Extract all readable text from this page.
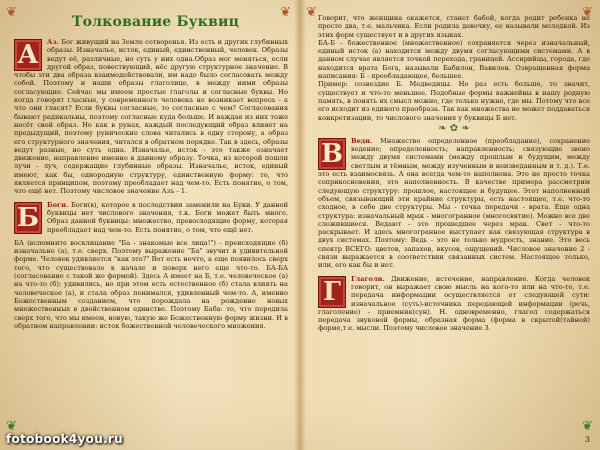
❦	❦ ❦	❦
❦	❦
Толкование Буквиц
А	Аз. Бог живущий на Земле сотворенья. Из есть и других глубинных образы. Изначалье, исток, единый, единственный, человек. Образы ведут её, различные, но суть у них одна.Образ мог меняться, если другой образ, повествующий, нёс другую структурное значение. В чтобы эти два образа взаимодействовали, им надо было согласовать между собой. Поэтому и наши образы глаголице, в между ними образы согласующие. Сейчас мы имеем простые глаголы и согласные буквы. Но когда говорят гласные, у современного человека не возникает вопроса - а что они гласят? Если буквы согласные, то согласные с чем? Согласования бывают радикальны, поэтому согласные куда больше. И важдая из них тоже несёт свой образ. Но как в рунах, каждый последующий образ влияет на предыдущий, поэтому рунические слова читались в одну сторону, а образ его структурного значения, читался в обратном порядке. Так в здесь, образы ведут разные, но суть одна. Изначалье, исток - это также означает движение, направление именно в данному образу. Точка, из которой пошли лучи - луч, содержащие глубинные образы. Изначалье, исток, единый имеют, как бы, однородную структуру, единственную форму: то, что является принципом, поэтому преобладает над чем-то. Есть понятие, о том, что ещё нет. Поэтому числовое значение Азъ - 1.

Б	Боги. Боги(в), которое в последствии заменили на Буки. У данной буквицы нет числового значения, т.к. Боги может быть много. Образ данной буквицы: множество, превосходящие форму, которая преобладает над чем-то. Есть понятие, о том, что ещё нет.

БА (вспомните восклицание "Ба - знакомые все лица!") - преисходящие (б) изначально (а), т.е. сверх. Поэтому выражение "Ба" звучит в удивительной форме. Человек удивляется "как это?" Вот есть нечто, а еще появилось сверх того, что существовало в начале и поверх него еще что-то. БА-БА (согласование с такой же формой). Здесь А имеет на Б, т.е. человеческое (а) на что-то (б); удивились, но при этом есть естественное (б) стала влиять на человеческое (а), и стала образ понимался, удивленный чем-то. А, именно Божественным созданием, что порождала на рождение новых множественных в двойственном единстве. Поэтому Баба: то, что породила сверх того, что мы имеем, новую, такую же Божественную форму жизни. И в обратном направлении: исток божественной человеческого множения.

Говорит, что женщина окажется, станет бабой, когда родит ребенка не просто два, т.е. мальчика. Если родила девочку, ее называли молодкой. Из этих форм существует и в других языках.

БА-Б - божественное (множественное) сохраняется через изначальный, единый исток (а) находится между двумя согласующими системами. А в данном случае является точкой перехода, границей. Ассирийцы, города, где находится врата Бога, называли Бабилон, Вавилон. Озвращенная форма написания: Б - преобладающее, большее.

Пример: созвездие Б. Медведицы. Но раз есть больше, то значит, существует и что-то меньшее. Подобные формы важнейны в нашу родную память, в понять их смысл можно, где только нужно, где мы. Потому что все его исходит из единого праобраза. Так как множества не может поддаваться конкретизации, то числового значения у буквицы Б нет.

❧ ✿ ❧
В	Веди. Множество определенное (преобладание), сохранение ведение; определенность; направленность; связующие звено между двумя системами (между прошлым и будущим, между светлым и тёмным, между изученным и неизведанным и т. д.). Т.е. это есть взаимосвязь. А она всегда чем-то наполнена. Это не просто точка соприкосновения, это наполненность. В качестве примера рассмотрим следующую структуру: прошлое, настоящее и будущее. Этот наполненный объем, связывающий эти крайние структуры, есть настоящее, т.е. что-то сходное, в себе две структуры. Мы - точка передачи - врата. Еще одна структура: изначальный мрак - многогранное (многосвятие). Можно все две сложившиеся. Ведают - это прошедшее через мрак. Свет - что-то раскрывает. И здесь многогранное выступает как связующая структура в двух системах. Поэтому: Ведь - это не только мудрость, знание. Это весь спектр ВСЕГО: цветов, запахов, вкусов, ощущений. Числовое значение 2 - связи выражается в соответствии связанных систем. Настоящее только, или, его как бы и нет.

Г	Глаголи. Движение, истечение, направление. Когда человек говорит, он выражает свою мысль на кого-то или на что-то, т.е. передача информации осуществляется от следующей сути: изначальное (суть)-источника передающей информации (речь, глаголение) - приемник(сун). Н. одновременно, глагол содержаться передача звуковой формы, образная форма (форма в скрытой(тайной) форме,т.е. мысли. Поэтому числовое значение 3.

fotobook4you.ru	3
